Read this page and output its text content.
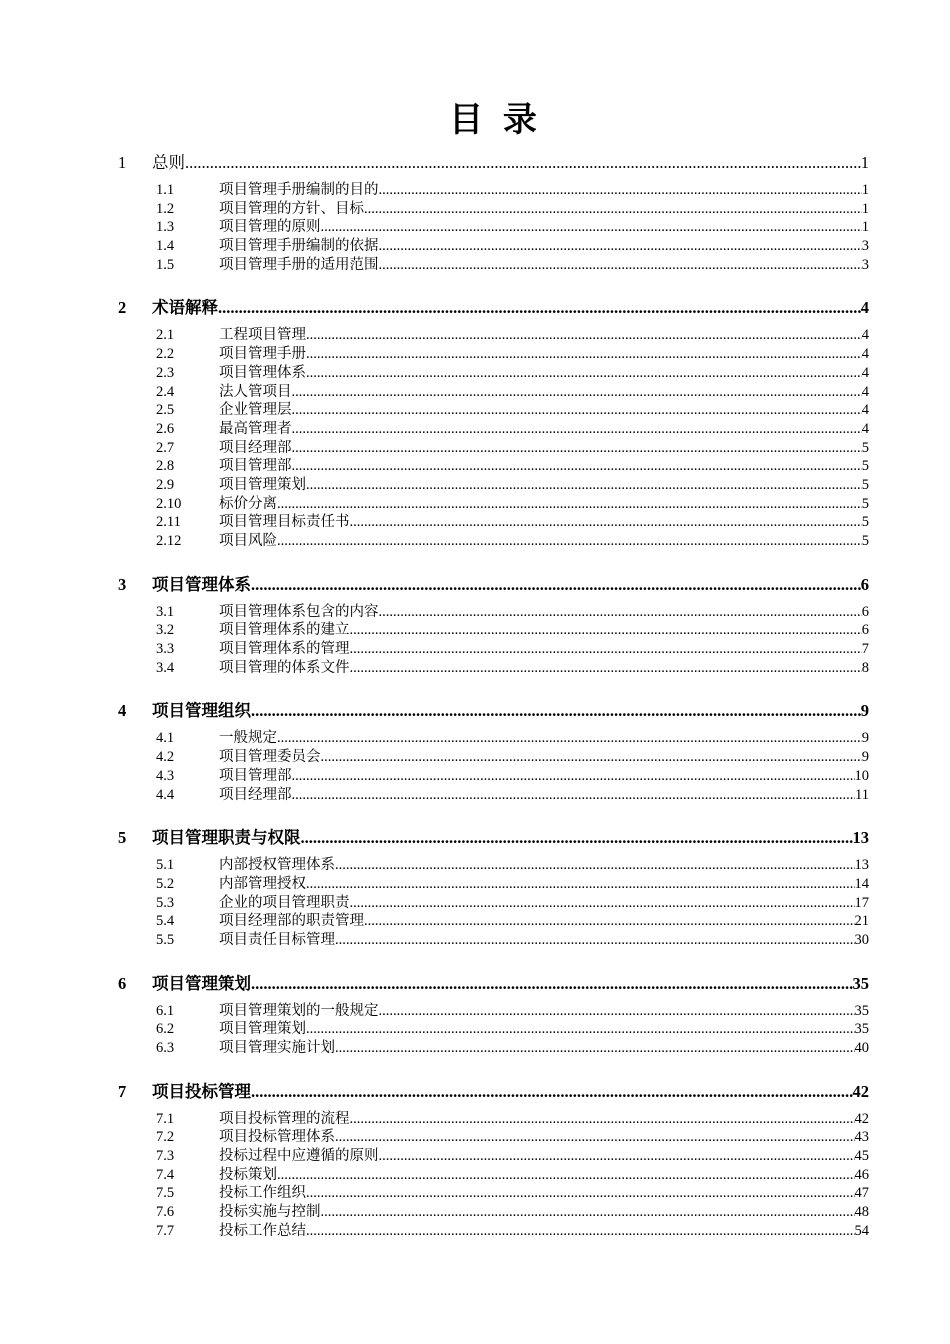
目 录
1 总则 .....	1
1.1	项目管理手册编制的目的 .....	1
1.2	项目管理的方针、目标 .....	1
1.3	项目管理的原则 .....	1
1.4	项目管理手册编制的依据 .....	3
1.5	项目管理手册的适用范围 .....	3
2 术语解释 .....	4
2.1	工程项目管理 .....	4
2.2	项目管理手册 .....	4
2.3	项目管理体系 .....	4
2.4	法人管项目 .....	4
2.5	企业管理层 .....	4
2.6	最高管理者 .....	4
2.7	项目经理部 .....	5
2.8	项目管理部 .....	5
2.9	项目管理策划 .....	5
2.10	标价分离 .....	5
2.11	项目管理目标责任书 .....	5
2.12	项目风险 .....	5
3 项目管理体系 .....	6
3.1	项目管理体系包含的内容 .....	6
3.2	项目管理体系的建立 .....	6
3.3	项目管理体系的管理 .....	7
3.4	项目管理的体系文件 .....	8
4 项目管理组织 .....	9
4.1	一般规定 .....	9
4.2	项目管理委员会 .....	9
4.3	项目管理部 .....	10
4.4	项目经理部 .....	11
5 项目管理职责与权限 .....	13
5.1	内部授权管理体系 .....	13
5.2	内部管理授权 .....	14
5.3	企业的项目管理职责 .....	17
5.4	项目经理部的职责管理 .....	21
5.5	项目责任目标管理 .....	30
6 项目管理策划 .....	35
6.1	项目管理策划的一般规定 .....	35
6.2	项目管理策划 .....	35
6.3	项目管理实施计划 .....	40
7 项目投标管理 .....	42
7.1	项目投标管理的流程 .....	42
7.2	项目投标管理体系 .....	43
7.3	投标过程中应遵循的原则 .....	45
7.4	投标策划 .....	46
7.5	投标工作组织 .....	47
7.6	投标实施与控制 .....	48
7.7	投标工作总结 .....	54
